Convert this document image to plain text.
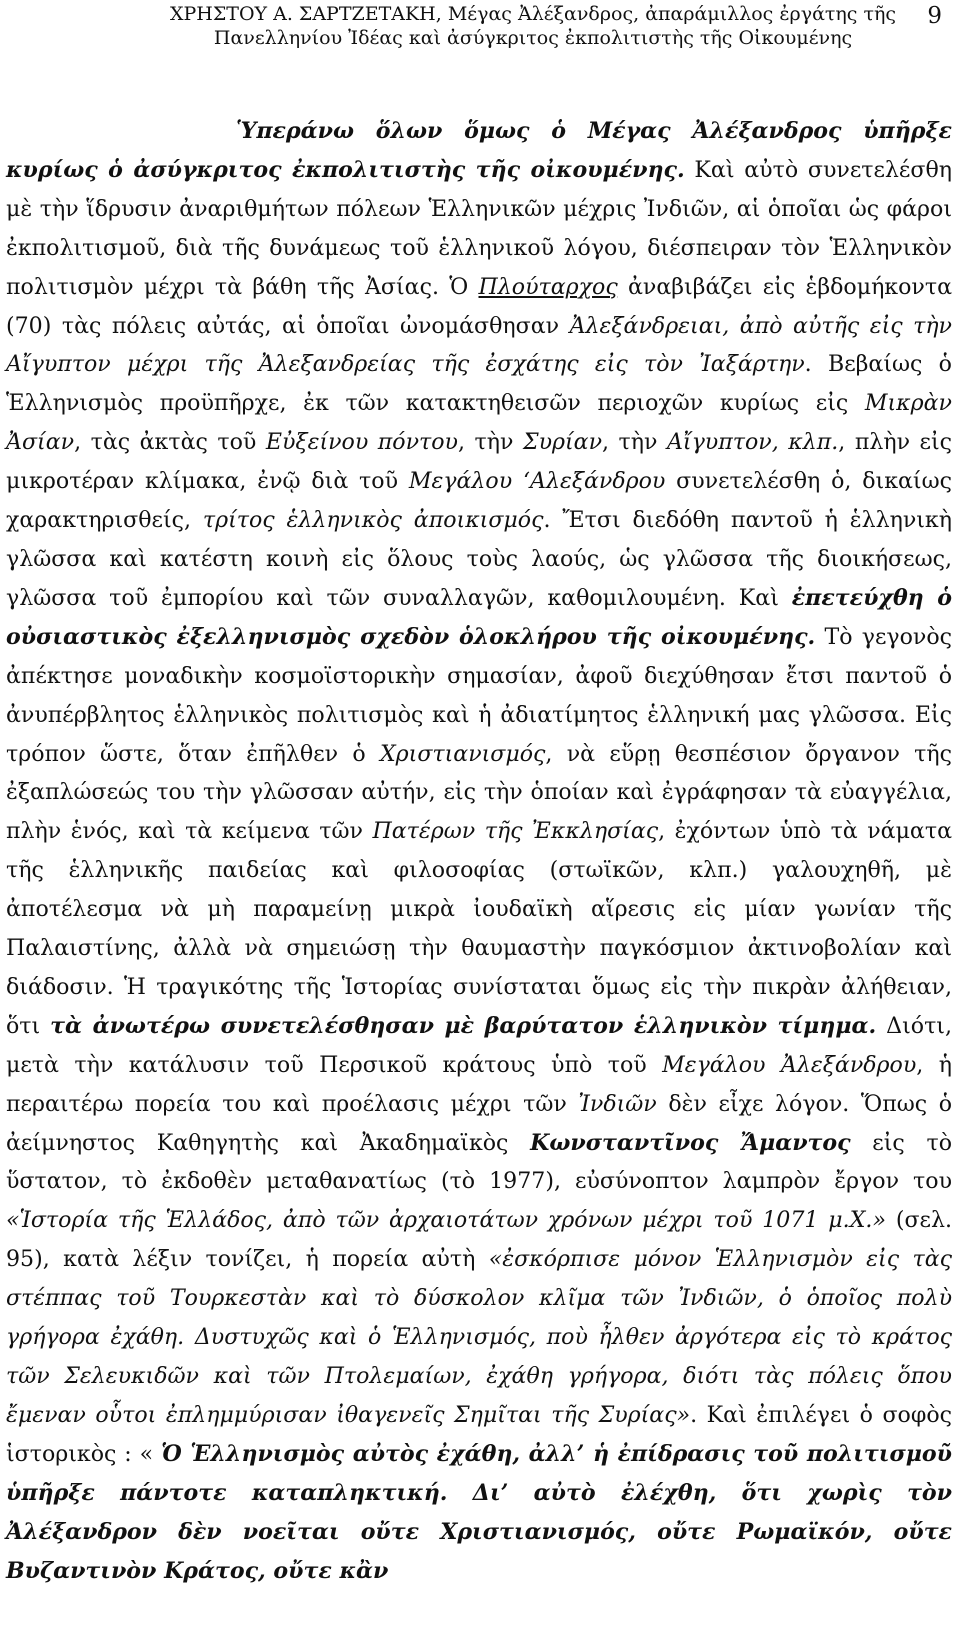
ΧΡΗΣΤΟΥ Α. ΣΑΡΤΖΕΤΑΚΗ, Μέγας Ἀλέξανδρος, ἀπαράμιλλος ἐργάτης τῆς
Πανελληνίου Ἰδέας καὶ ἀσύγκριτος ἐκπολιτιστὴς τῆς Οἰκουμένης
9

Ὑπεράνω ὅλων ὅμως ὁ Μέγας Ἀλέξανδρος ὑπῆρξε κυρίως ὁ ἀσύγκριτος ἐκπολιτιστὴς τῆς οἰκουμένης. Καὶ αὐτὸ συνετελέσθη μὲ τὴν ἵδρυσιν ἀναριθμήτων πόλεων Ἑλληνικῶν μέχρις Ἰνδιῶν, αἱ ὁποῖαι ὡς φάροι ἐκπολιτισμοῦ, διὰ τῆς δυνάμεως τοῦ ἑλληνικοῦ λόγου, διέσπειραν τὸν Ἑλληνικὸν πολιτισμὸν μέχρι τὰ βάθη τῆς Ἀσίας. Ὁ Πλούταρχος ἀναβιβάζει εἰς ἑβδομήκοντα (70) τὰς πόλεις αὐτάς, αἱ ὁποῖαι ὠνομάσθησαν Ἀλεξάνδρειαι, ἀπὸ αὐτῆς εἰς τὴν Αἴγυπτον μέχρι τῆς Ἀλεξανδρείας τῆς ἐσχάτης εἰς τὸν Ἰαξάρτην. Βεβαίως ὁ Ἑλληνισμὸς προϋπῆρχε, ἐκ τῶν κατακτηθεισῶν περιοχῶν κυρίως εἰς Μικρὰν Ἀσίαν, τὰς ἀκτὰς τοῦ Εὐξείνου πόντου, τὴν Συρίαν, τὴν Αἴγυπτον, κλπ., πλὴν εἰς μικροτέραν κλίμακα, ἐνῷ διὰ τοῦ Μεγάλου ‘Αλεξάνδρου συνετελέσθη ὁ, δικαίως χαρακτηρισθείς, τρίτος ἑλληνικὸς ἀποικισμός. Ἔτσι διεδόθη παντοῦ ἡ ἑλληνικὴ γλῶσσα καὶ κατέστη κοινὴ εἰς ὅλους τοὺς λαούς, ὡς γλῶσσα τῆς διοικήσεως, γλῶσσα τοῦ ἐμπορίου καὶ τῶν συναλλαγῶν, καθομιλουμένη. Καὶ ἐπετεύχθη ὁ οὐσιαστικὸς ἐξελληνισμὸς σχεδὸν ὁλοκλήρου τῆς οἰκουμένης. Τὸ γεγονὸς ἀπέκτησε μοναδικὴν κοσμοϊστορικὴν σημασίαν, ἀφοῦ διεχύθησαν ἔτσι παντοῦ ὁ ἀνυπέρβλητος ἑλληνικὸς πολιτισμὸς καὶ ἡ ἀδιατίμητος ἑλληνική μας γλῶσσα. Εἰς τρόπον ὥστε, ὅταν ἐπῆλθεν ὁ Χριστιανισμός, νὰ εὕρῃ θεσπέσιον ὄργανον τῆς ἐξαπλώσεώς του τὴν γλῶσσαν αὐτήν, εἰς τὴν ὁποίαν καὶ ἐγράφησαν τὰ εὐαγγέλια, πλὴν ἑνός, καὶ τὰ κείμενα τῶν Πατέρων τῆς Ἐκκλησίας, ἐχόντων ὑπὸ τὰ νάματα τῆς ἑλληνικῆς παιδείας καὶ φιλοσοφίας (στωϊκῶν, κλπ.) γαλουχηθῆ, μὲ ἀποτέλεσμα νὰ μὴ παραμείνῃ μικρὰ ἰουδαϊκὴ αἵρεσις εἰς μίαν γωνίαν τῆς Παλαιστίνης, ἀλλὰ νὰ σημειώσῃ τὴν θαυμαστὴν παγκόσμιον ἀκτινοβολίαν καὶ διάδοσιν. Ἡ τραγικότης τῆς Ἱστορίας συνίσταται ὅμως εἰς τὴν πικρὰν ἀλήθειαν, ὅτι τὰ ἀνωτέρω συνετελέσθησαν μὲ βαρύτατον ἑλληνικὸν τίμημα. Διότι, μετὰ τὴν κατάλυσιν τοῦ Περσικοῦ κράτους ὑπὸ τοῦ Μεγάλου Ἀλεξάνδρου, ἡ περαιτέρω πορεία του καὶ προέλασις μέχρι τῶν Ἰνδιῶν δὲν εἶχε λόγον. Ὅπως ὁ ἀείμνηστος Καθηγητὴς καὶ Ἀκαδημαϊκὸς Κωνσταντῖνος Ἄμαντος εἰς τὸ ὕστατον, τὸ ἐκδοθὲν μεταθανατίως (τὸ 1977), εὐσύνοπτον λαμπρὸν ἔργον του «Ἱστορία τῆς Ἑλλάδος, ἀπὸ τῶν ἀρχαιοτάτων χρόνων μέχρι τοῦ 1071 μ.Χ.» (σελ. 95), κατὰ λέξιν τονίζει, ἡ πορεία αὐτὴ «ἐσκόρπισε μόνον Ἑλληνισμὸν εἰς τὰς στέππας τοῦ Τουρκεστὰν καὶ τὸ δύσκολον κλῖμα τῶν Ἰνδιῶν, ὁ ὁποῖος πολὺ γρήγορα ἐχάθη. Δυστυχῶς καὶ ὁ Ἑλληνισμός, ποὺ ἦλθεν ἀργότερα εἰς τὸ κράτος τῶν Σελευκιδῶν καὶ τῶν Πτολεμαίων, ἐχάθη γρήγορα, διότι τὰς πόλεις ὅπου ἔμεναν οὗτοι ἐπλημμύρισαν ἰθαγενεῖς Σημῖται τῆς Συρίας». Καὶ ἐπιλέγει ὁ σοφὸς ἱστορικὸς : « Ὁ Ἑλληνισμὸς αὐτὸς ἐχάθη, ἀλλ’ ἡ ἐπίδρασις τοῦ πολιτισμοῦ ὑπῆρξε πάντοτε καταπληκτική. Δι’ αὐτὸ ἐλέχθη, ὅτι χωρὶς τὸν Ἀλέξανδρον δὲν νοεῖται οὔτε Χριστιανισμός, οὔτε Ρωμαϊκόν, οὔτε Βυζαντινὸν Κράτος, οὔτε κἂν
